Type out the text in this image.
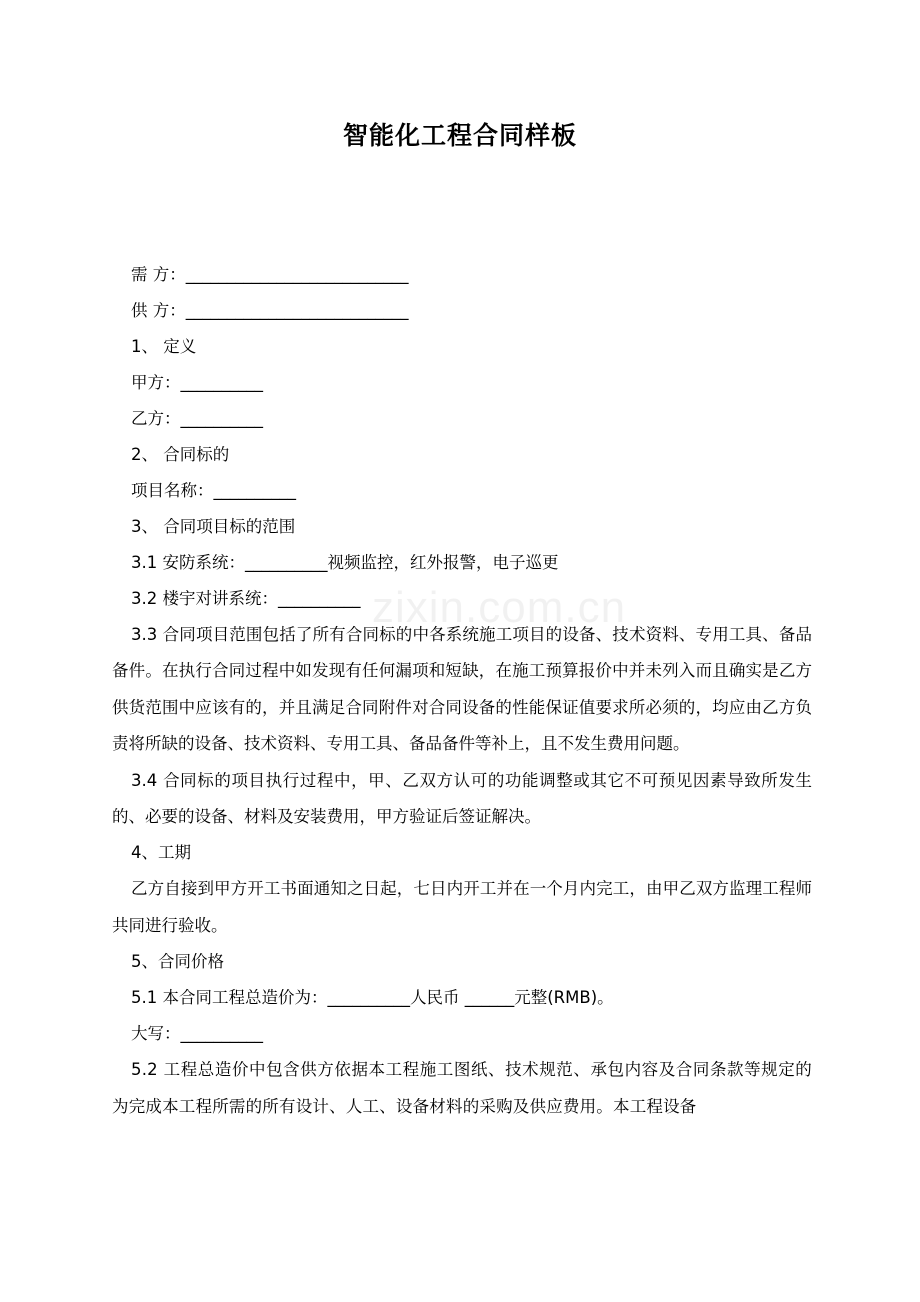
智能化工程合同样板
zixin.com.cn
需 方：___________________________
供 方：___________________________
1、 定义
甲方：__________
乙方：__________
2、 合同标的
项目名称：__________
3、 合同项目标的范围
3.1 安防系统：__________视频监控，红外报警，电子巡更
3.2 楼宇对讲系统：__________
3.3 合同项目范围包括了所有合同标的中各系统施工项目的设备、技术资料、专用工具、备品备件。在执行合同过程中如发现有任何漏项和短缺，在施工预算报价中并未列入而且确实是乙方供货范围中应该有的，并且满足合同附件对合同设备的性能保证值要求所必须的，均应由乙方负责将所缺的设备、技术资料、专用工具、备品备件等补上，且不发生费用问题。
3.4 合同标的项目执行过程中，甲、乙双方认可的功能调整或其它不可预见因素导致所发生的、必要的设备、材料及安装费用，甲方验证后签证解决。
4、工期
乙方自接到甲方开工书面通知之日起，七日内开工并在一个月内完工，由甲乙双方监理工程师共同进行验收。
5、合同价格
5.1 本合同工程总造价为：__________人民币 ______元整(RMB)。
大写：__________
5.2 工程总造价中包含供方依据本工程施工图纸、技术规范、承包内容及合同条款等规定的为完成本工程所需的所有设计、人工、设备材料的采购及供应费用。本工程设备
